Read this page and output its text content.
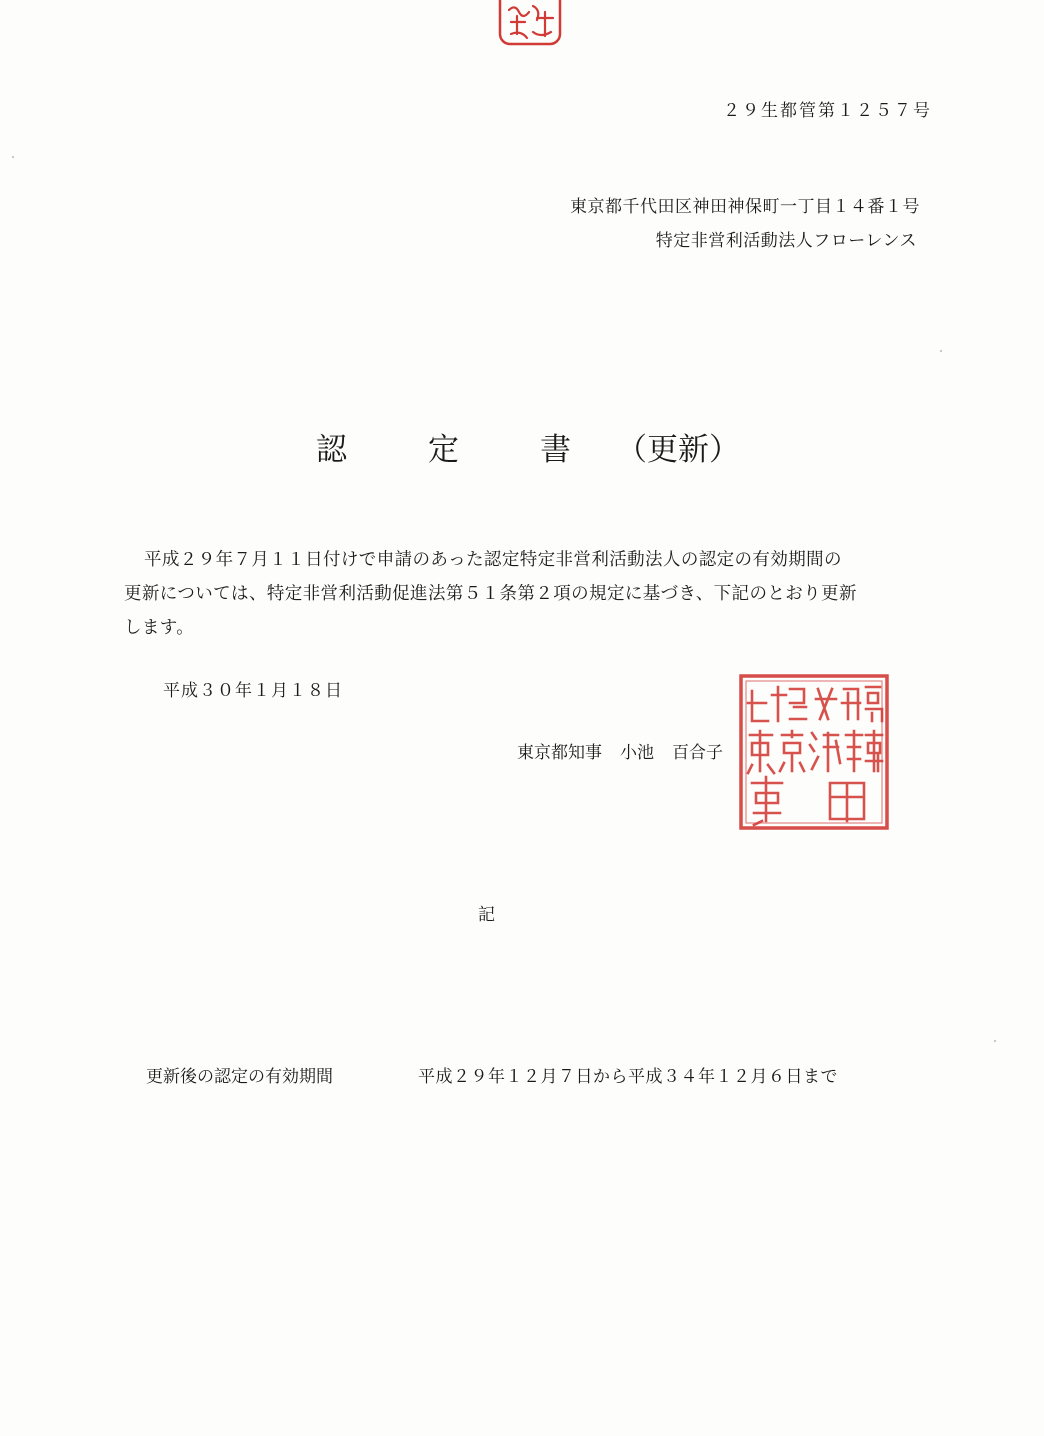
２９生都管第１２５７号
東京都千代田区神田神保町一丁目１４番１号
特定非営利活動法人フローレンス
認	定	書 （更新）
平成２９年７月１１日付けで申請のあった認定特定非営利活動法人の認定の有効期間の
更新については、特定非営利活動促進法第５１条第２項の規定に基づき、下記のとおり更新
します。
平成３０年１月１８日
東京都知事 小池 百合子
記
更新後の認定の有効期間	平成２９年１２月７日から平成３４年１２月６日まで
